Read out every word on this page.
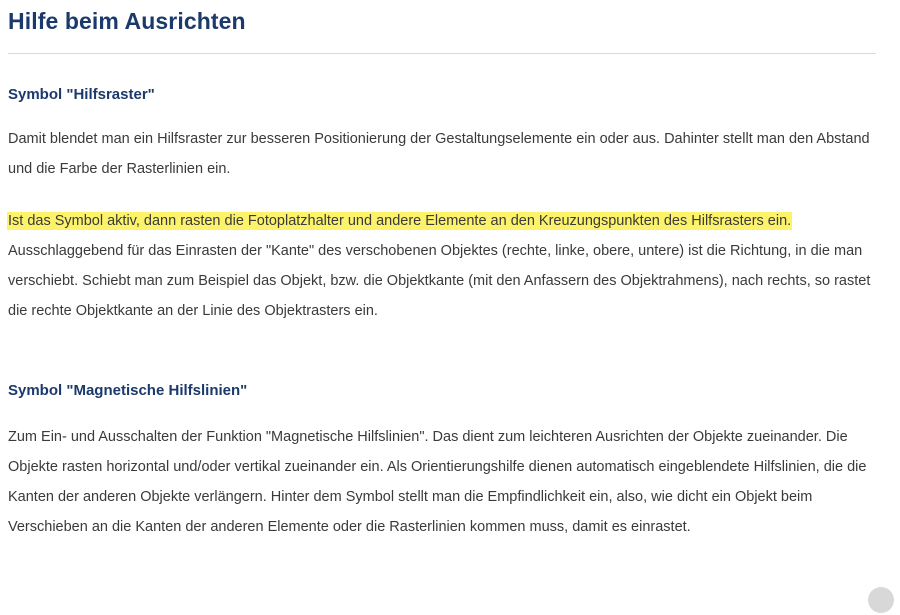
Hilfe beim Ausrichten
Symbol "Hilfsraster"

Damit blendet man ein Hilfsraster zur besseren Positionierung der Gestaltungselemente ein oder aus. Dahinter stellt man den Abstand und die Farbe der Rasterlinien ein.

Ist das Symbol aktiv, dann rasten die Fotoplatzhalter und andere Elemente an den Kreuzungspunkten des Hilfsrasters ein. Ausschlaggebend für das Einrasten der "Kante" des verschobenen Objektes (rechte, linke, obere, untere) ist die Richtung, in die man verschiebt. Schiebt man zum Beispiel das Objekt, bzw. die Objektkante (mit den Anfassern des Objektrahmens), nach rechts, so rastet die rechte Objektkante an der Linie des Objektrasters ein.

Symbol "Magnetische Hilfslinien"

Zum Ein- und Ausschalten der Funktion "Magnetische Hilfslinien". Das dient zum leichteren Ausrichten der Objekte zueinander. Die Objekte rasten horizontal und/oder vertikal zueinander ein. Als Orientierungshilfe dienen automatisch eingeblendete Hilfslinien, die die Kanten der anderen Objekte verlängern. Hinter dem Symbol stellt man die Empfindlichkeit ein, also, wie dicht ein Objekt beim Verschieben an die Kanten der anderen Elemente oder die Rasterlinien kommen muss, damit es einrastet.
